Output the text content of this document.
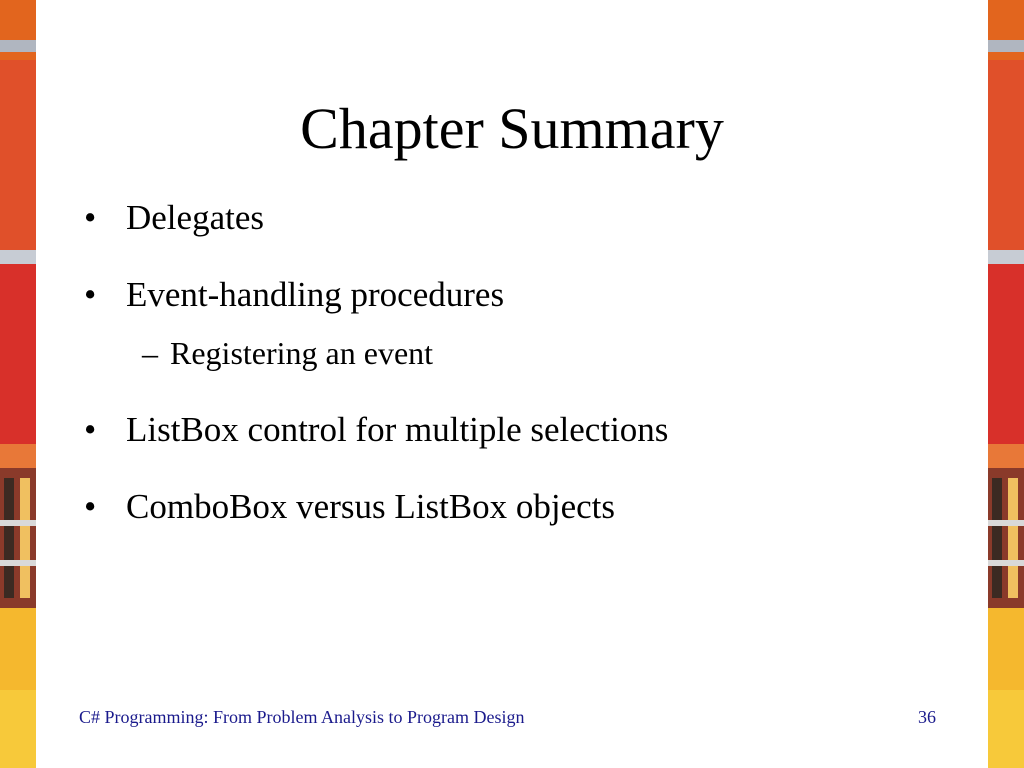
Chapter Summary
• Delegates
• Event-handling procedures
– Registering an event
• ListBox control for multiple selections
• ComboBox versus ListBox objects
C# Programming: From Problem Analysis to Program Design	36
